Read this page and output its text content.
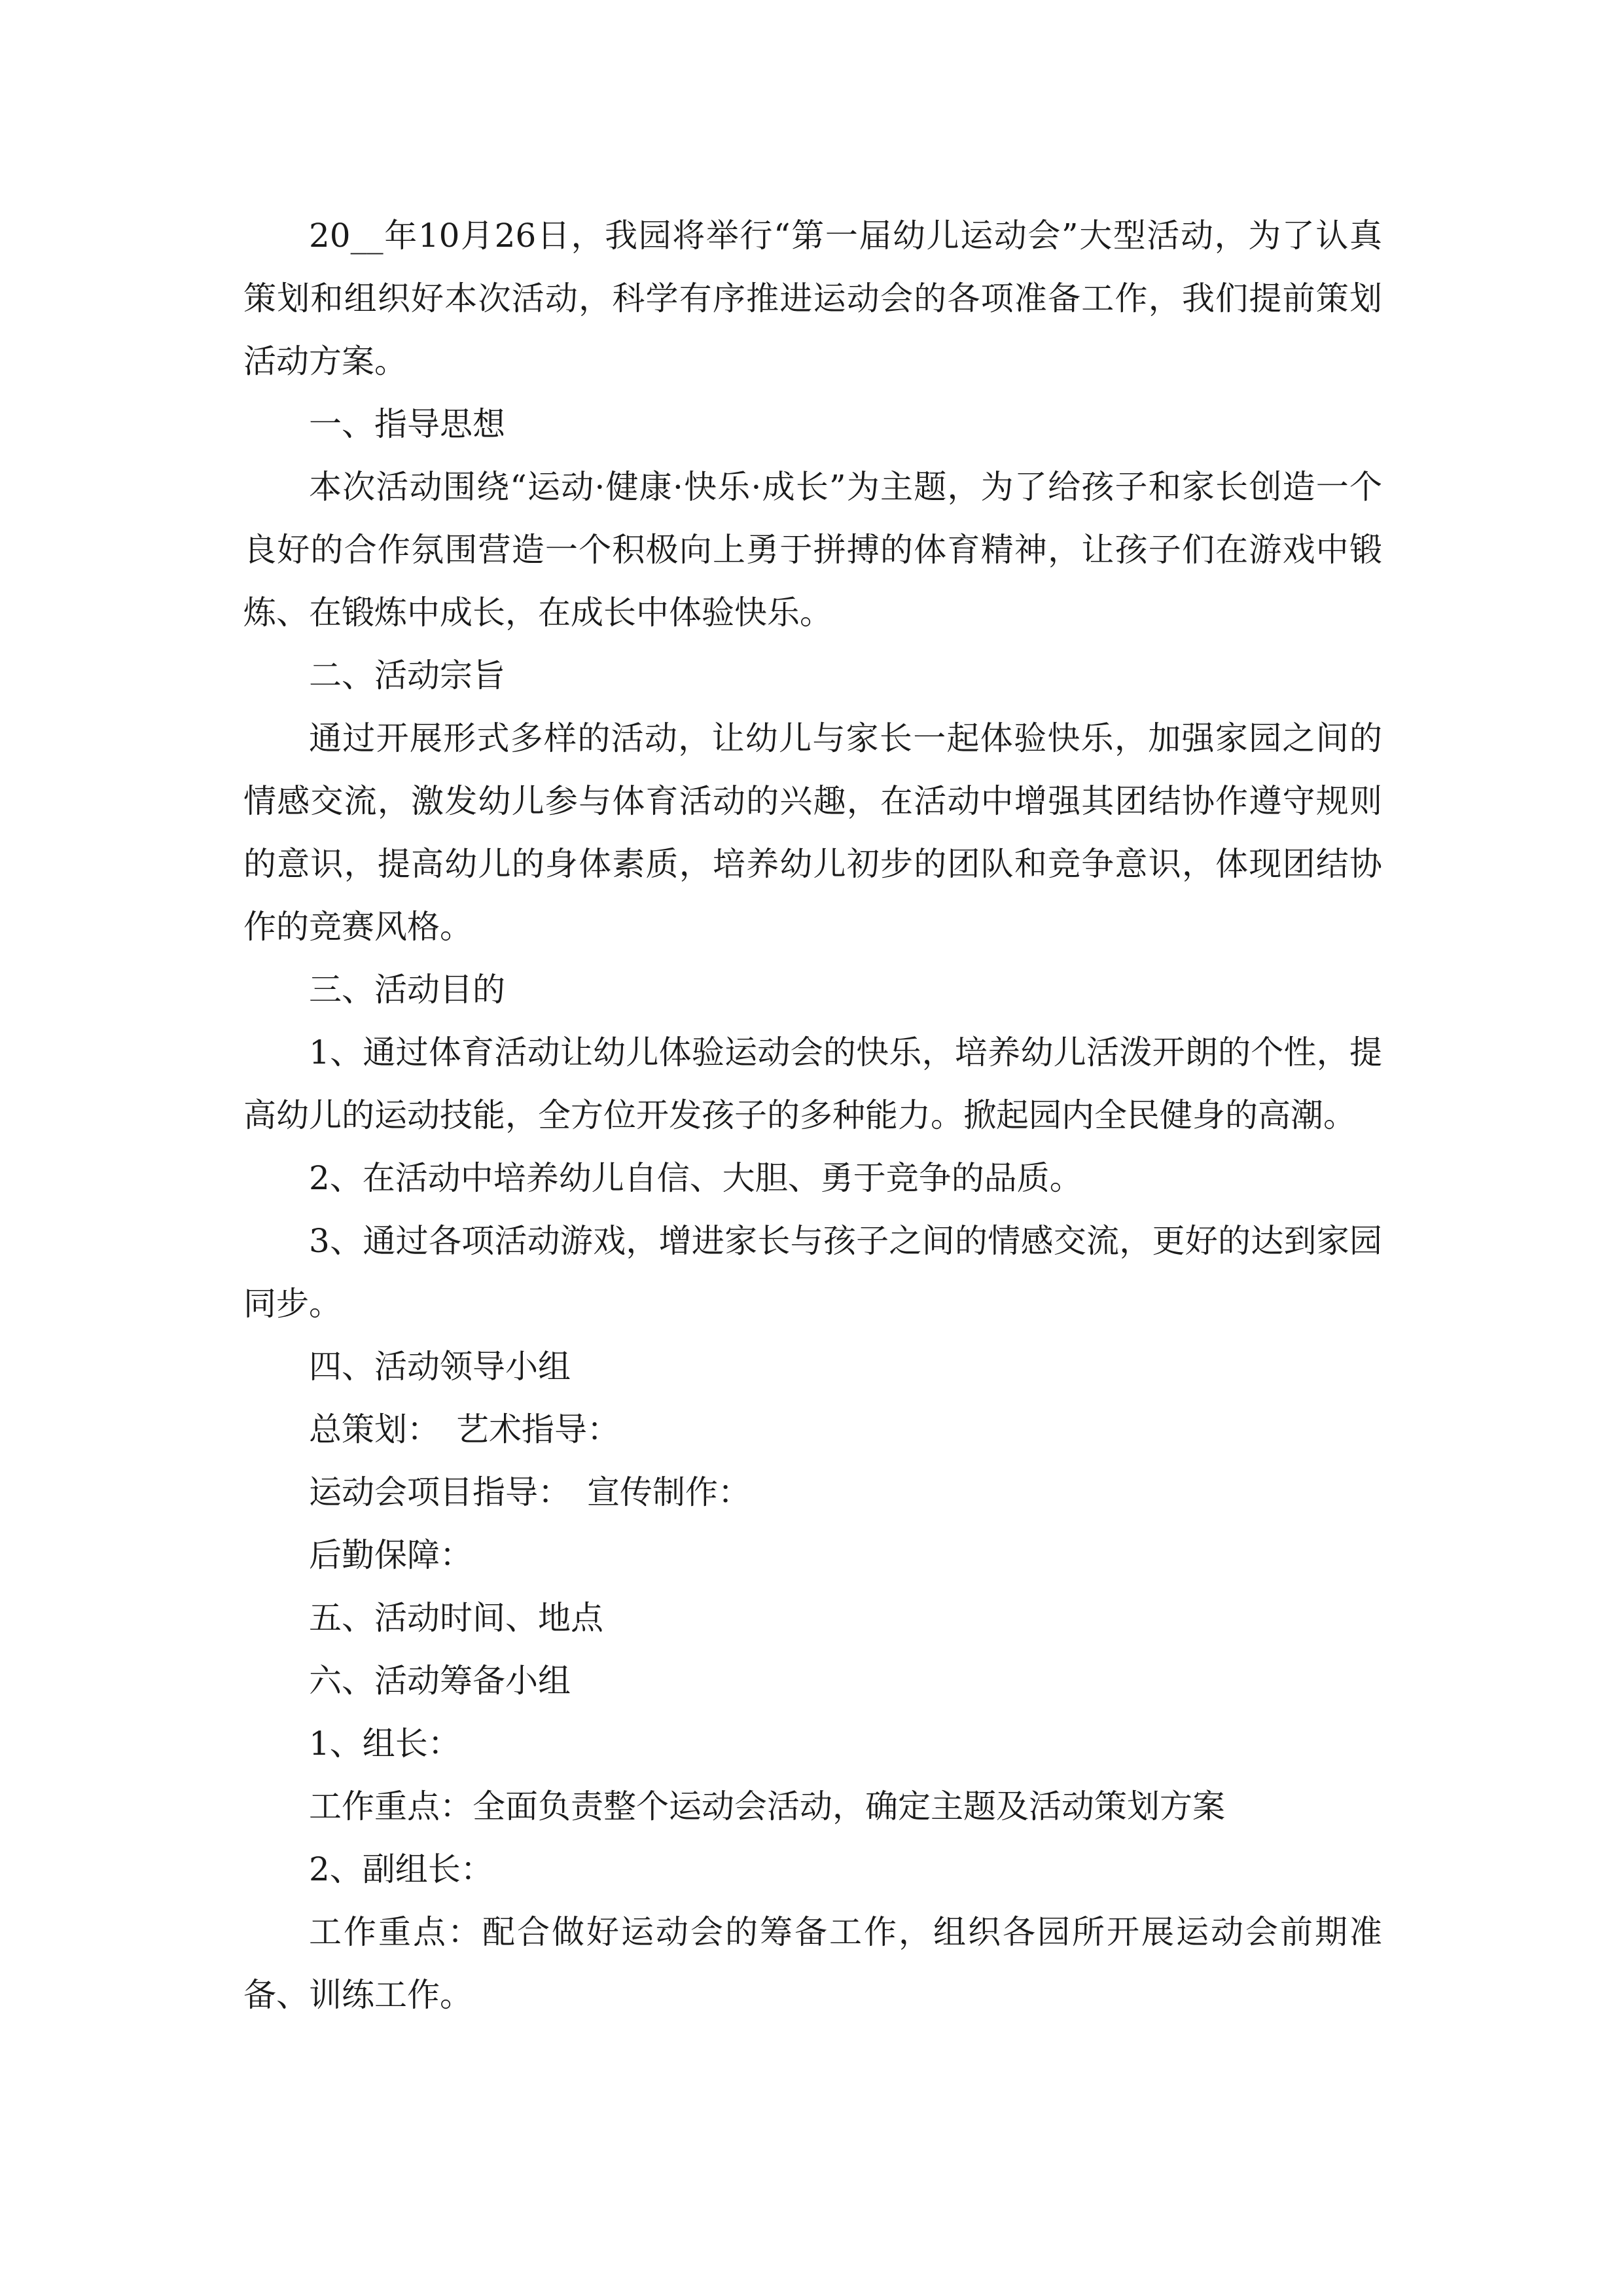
20__年10月26日，我园将举行“第一届幼儿运动会”大型活动，为了认真策划和组织好本次活动，科学有序推进运动会的各项准备工作，我们提前策划活动方案。

一、指导思想

本次活动围绕“运动·健康·快乐·成长”为主题，为了给孩子和家长创造一个良好的合作氛围营造一个积极向上勇于拼搏的体育精神，让孩子们在游戏中锻炼、在锻炼中成长，在成长中体验快乐。

二、活动宗旨

通过开展形式多样的活动，让幼儿与家长一起体验快乐，加强家园之间的情感交流，激发幼儿参与体育活动的兴趣，在活动中增强其团结协作遵守规则的意识，提高幼儿的身体素质，培养幼儿初步的团队和竞争意识，体现团结协作的竞赛风格。

三、活动目的

1、通过体育活动让幼儿体验运动会的快乐，培养幼儿活泼开朗的个性，提高幼儿的运动技能，全方位开发孩子的多种能力。掀起园内全民健身的高潮。

2、在活动中培养幼儿自信、大胆、勇于竞争的品质。

3、通过各项活动游戏，增进家长与孩子之间的情感交流，更好的达到家园同步。

四、活动领导小组

总策划：　艺术指导：

运动会项目指导：　宣传制作：

后勤保障：

五、活动时间、地点

六、活动筹备小组

1、组长：

工作重点：全面负责整个运动会活动，确定主题及活动策划方案

2、副组长：

工作重点：配合做好运动会的筹备工作，组织各园所开展运动会前期准备、训练工作。
